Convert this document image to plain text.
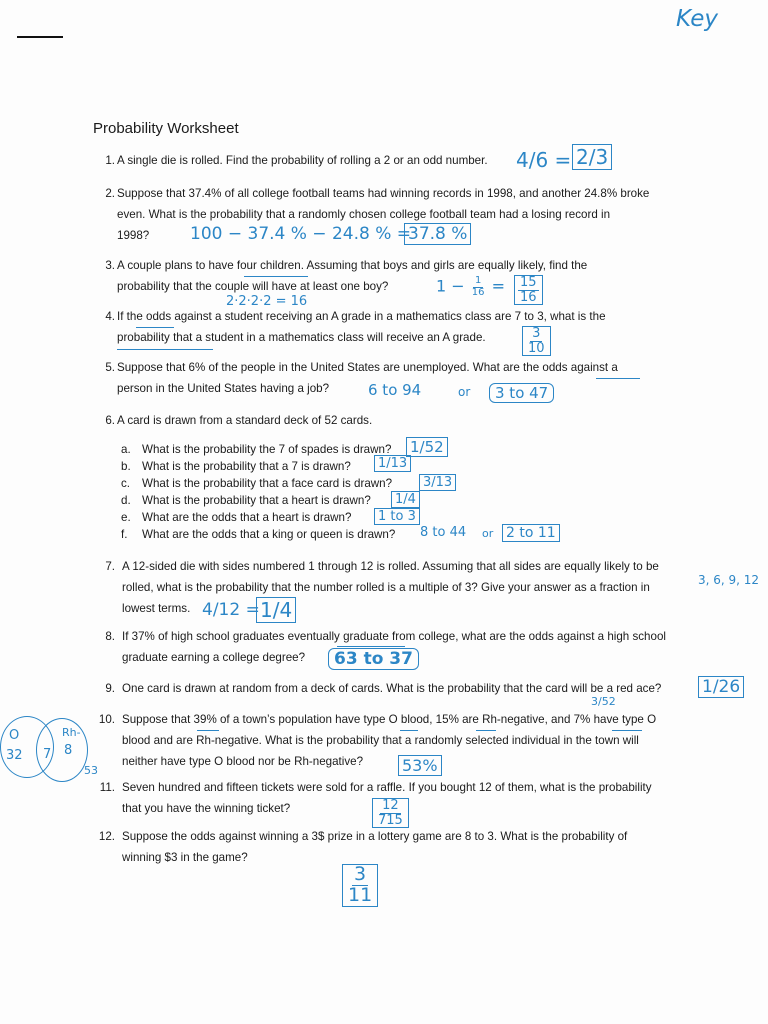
Key
Probability Worksheet
1. A single die is rolled. Find the probability of rolling a 2 or an odd number.
2. Suppose that 37.4% of all college football teams had winning records in 1998, and another 24.8% broke
even. What is the probability that a randomly chosen college football team had a losing record in
1998?
3. A couple plans to have four children. Assuming that boys and girls are equally likely, find the
probability that the couple will have at least one boy?
4. If the odds against a student receiving an A grade in a mathematics class are 7 to 3, what is the
probability that a student in a mathematics class will receive an A grade.
5. Suppose that 6% of the people in the United States are unemployed. What are the odds against a
person in the United States having a job?
6. A card is drawn from a standard deck of 52 cards.
a. What is the probability the 7 of spades is drawn?
b. What is the probability that a 7 is drawn?
c.	What is the probability that a face card is drawn?
d. What is the probability that a heart is drawn?
e. What are the odds that a heart is drawn?
f.	What are the odds that a king or queen is drawn?
7. A 12-sided die with sides numbered 1 through 12 is rolled. Assuming that all sides are equally likely to be
rolled, what is the probability that the number rolled is a multiple of 3? Give your answer as a fraction in
lowest terms.
8. If 37% of high school graduates eventually graduate from college, what are the odds against a high school
graduate earning a college degree?
9. One card is drawn at random from a deck of cards. What is the probability that the card will be a red ace?
10. Suppose that 39% of a town’s population have type O blood, 15% are Rh-negative, and 7% have type O
blood and are Rh-negative. What is the probability that a randomly selected individual in the town will
neither have type O blood nor be Rh-negative?
11. Seven hundred and fifteen tickets were sold for a raffle. If you bought 12 of them, what is the probability
that you have the winning ticket?
12. Suppose the odds against winning a 3$ prize in a lottery game are 8 to 3. What is the probability of
winning $3 in the game?
4/6 = 2/3
100 − 37.4 % − 24.8 % =
37.8 %
$1 - \frac{1}{16} = \frac{15}{16}$
2·2·2·2 = 16
$\frac{3}{10}$
6 to 94	or	3 to 47
1/52
1/13
3/13
1/4
1 to 3
8 to 44 or 2 to 11
3, 6, 9, 12
4/12 = 1/4
63 to 37
1/26
3/52
53%
$\frac{12}{715}$
$\frac{3}{11}$
O	Rh-
32 7 8
53
